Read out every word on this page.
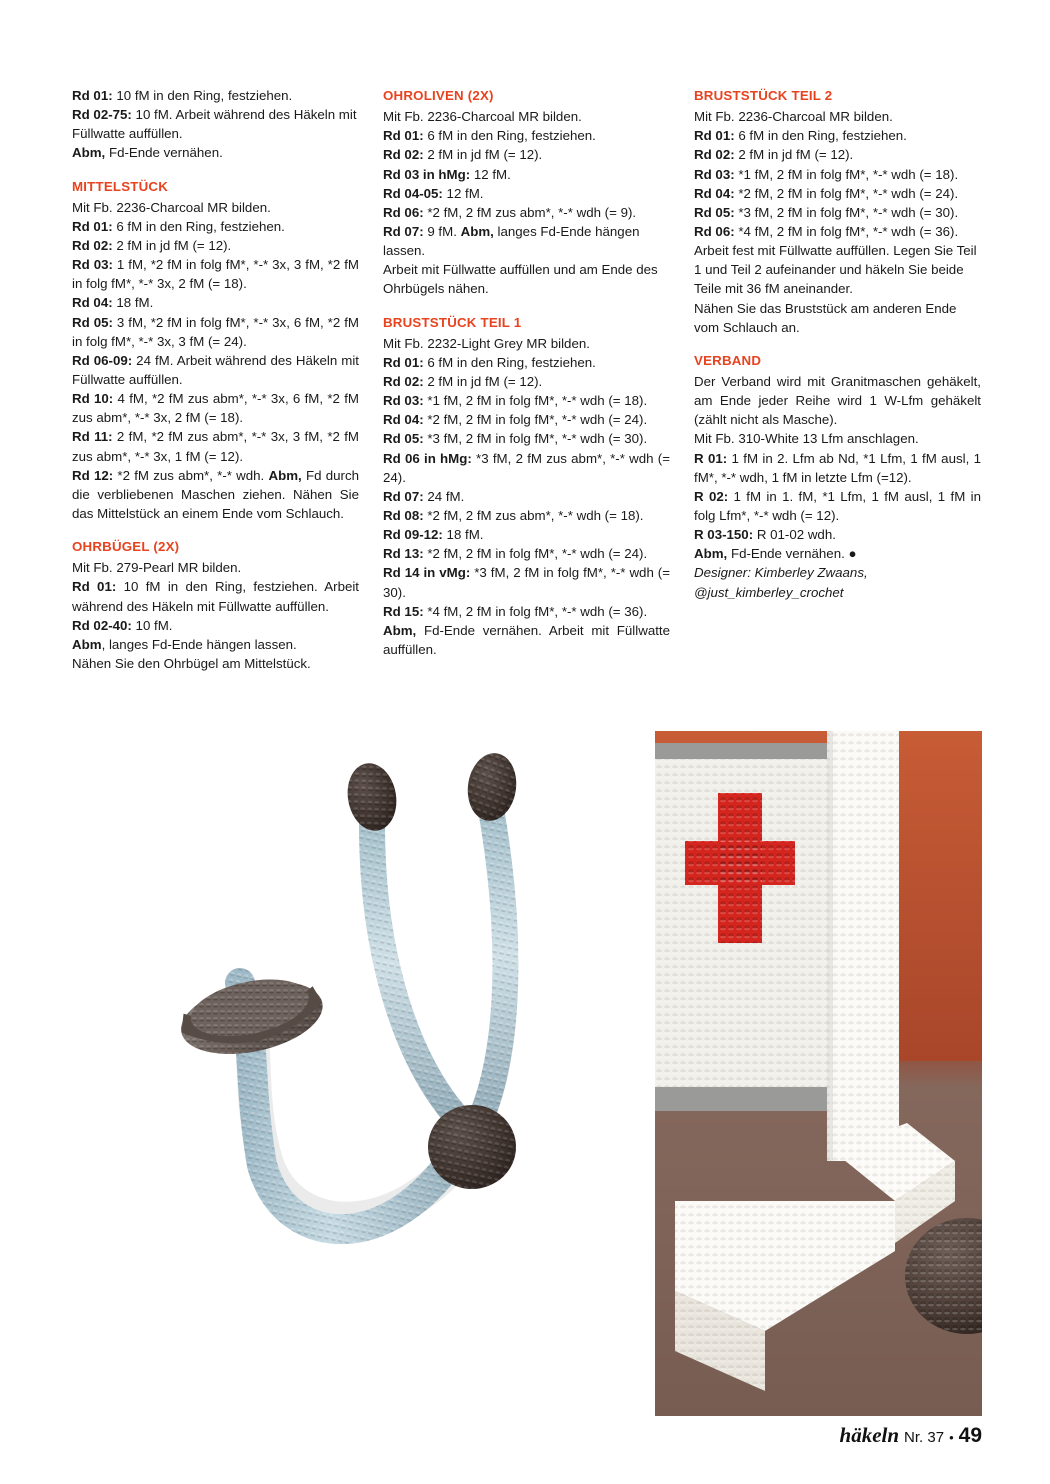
Rd 01: 10 fM in den Ring, festziehen.
Rd 02-75: 10 fM. Arbeit während des Häkeln mit Füllwatte auffüllen.
Abm, Fd-Ende vernähen.

MITTELSTÜCK

Mit Fb. 2236-Charcoal MR bilden.
Rd 01: 6 fM in den Ring, festziehen.
Rd 02: 2 fM in jd fM (= 12).
Rd 03: 1 fM, *2 fM in folg fM*, *-* 3x, 3 fM, *2 fM in folg fM*, *-* 3x, 2 fM (= 18).
Rd 04: 18 fM.
Rd 05: 3 fM, *2 fM in folg fM*, *-* 3x, 6 fM, *2 fM in folg fM*, *-* 3x, 3 fM (= 24).
Rd 06-09: 24 fM. Arbeit während des Häkeln mit Füllwatte auffüllen.
Rd 10: 4 fM, *2 fM zus abm*, *-* 3x, 6 fM, *2 fM zus abm*, *-* 3x, 2 fM (= 18).
Rd 11: 2 fM, *2 fM zus abm*, *-* 3x, 3 fM, *2 fM zus abm*, *-* 3x, 1 fM (= 12).
Rd 12: *2 fM zus abm*, *-* wdh. Abm, Fd durch die verbliebenen Maschen ziehen. Nähen Sie das Mittelstück an einem Ende vom Schlauch.

OHRBÜGEL (2X)

Mit Fb. 279-Pearl MR bilden.
Rd 01: 10 fM in den Ring, festziehen. Arbeit während des Häkeln mit Füllwatte auffüllen.
Rd 02-40: 10 fM.
Abm, langes Fd-Ende hängen lassen.
Nähen Sie den Ohrbügel am Mittelstück.

OHROLIVEN (2X)

Mit Fb. 2236-Charcoal MR bilden.
Rd 01: 6 fM in den Ring, festziehen.
Rd 02: 2 fM in jd fM (= 12).
Rd 03 in hMg: 12 fM.
Rd 04-05: 12 fM.
Rd 06: *2 fM, 2 fM zus abm*, *-* wdh (= 9).
Rd 07: 9 fM. Abm, langes Fd-Ende hängen lassen.
Arbeit mit Füllwatte auffüllen und am Ende des Ohrbügels nähen.

BRUSTSTÜCK TEIL 1

Mit Fb. 2232-Light Grey MR bilden.
Rd 01: 6 fM in den Ring, festziehen.
Rd 02: 2 fM in jd fM (= 12).
Rd 03: *1 fM, 2 fM in folg fM*, *-* wdh (= 18).
Rd 04: *2 fM, 2 fM in folg fM*, *-* wdh (= 24).
Rd 05: *3 fM, 2 fM in folg fM*, *-* wdh (= 30).
Rd 06 in hMg: *3 fM, 2 fM zus abm*, *-* wdh (= 24).
Rd 07: 24 fM.
Rd 08: *2 fM, 2 fM zus abm*, *-* wdh (= 18).
Rd 09-12: 18 fM.
Rd 13: *2 fM, 2 fM in folg fM*, *-* wdh (= 24).
Rd 14 in vMg: *3 fM, 2 fM in folg fM*, *-* wdh (= 30).
Rd 15: *4 fM, 2 fM in folg fM*, *-* wdh (= 36).
Abm, Fd-Ende vernähen. Arbeit mit Füllwatte auffüllen.

BRUSTSTÜCK TEIL 2

Mit Fb. 2236-Charcoal MR bilden.
Rd 01: 6 fM in den Ring, festziehen.
Rd 02: 2 fM in jd fM (= 12).
Rd 03: *1 fM, 2 fM in folg fM*, *-* wdh (= 18).
Rd 04: *2 fM, 2 fM in folg fM*, *-* wdh (= 24).
Rd 05: *3 fM, 2 fM in folg fM*, *-* wdh (= 30).
Rd 06: *4 fM, 2 fM in folg fM*, *-* wdh (= 36).
Arbeit fest mit Füllwatte auffüllen. Legen Sie Teil 1 und Teil 2 aufeinander und häkeln Sie beide Teile mit 36 fM aneinander.
Nähen Sie das Bruststück am anderen Ende vom Schlauch an.

VERBAND

Der Verband wird mit Granitmaschen gehäkelt, am Ende jeder Reihe wird 1 W-Lfm gehäkelt (zählt nicht als Masche).
Mit Fb. 310-White 13 Lfm anschlagen.
R 01: 1 fM in 2. Lfm ab Nd, *1 Lfm, 1 fM ausl, 1 fM*, *-* wdh, 1 fM in letzte Lfm (=12).
R 02: 1 fM in 1. fM, *1 Lfm, 1 fM ausl, 1 fM in folg Lfm*, *-* wdh (= 12).
R 03-150: R 01-02 wdh.
Abm, Fd-Ende vernähen. ●

Designer: Kimberley Zwaans,
@just_kimberley_crochet

häkeln Nr. 37 • 49
